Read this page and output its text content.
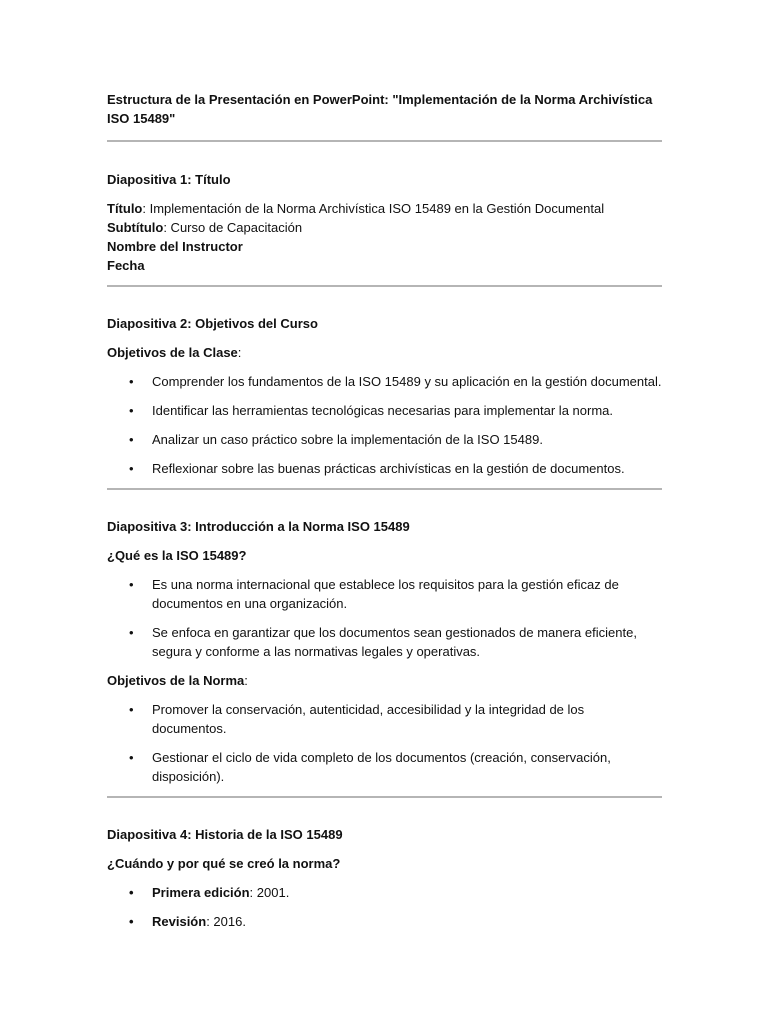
Estructura de la Presentación en PowerPoint: "Implementación de la Norma Archivística ISO 15489"

Diapositiva 1: Título

Título: Implementación de la Norma Archivística ISO 15489 en la Gestión Documental

Subtítulo: Curso de Capacitación

Nombre del Instructor

Fecha

Diapositiva 2: Objetivos del Curso

Objetivos de la Clase:

• Comprender los fundamentos de la ISO 15489 y su aplicación en la gestión documental.
• Identificar las herramientas tecnológicas necesarias para implementar la norma.
• Analizar un caso práctico sobre la implementación de la ISO 15489.
• Reflexionar sobre las buenas prácticas archivísticas en la gestión de documentos.

Diapositiva 3: Introducción a la Norma ISO 15489

¿Qué es la ISO 15489?

• Es una norma internacional que establece los requisitos para la gestión eficaz de documentos en una organización.
• Se enfoca en garantizar que los documentos sean gestionados de manera eficiente, segura y conforme a las normativas legales y operativas.

Objetivos de la Norma:

• Promover la conservación, autenticidad, accesibilidad y la integridad de los documentos.
• Gestionar el ciclo de vida completo de los documentos (creación, conservación, disposición).

Diapositiva 4: Historia de la ISO 15489

¿Cuándo y por qué se creó la norma?

• Primera edición: 2001.
• Revisión: 2016.
